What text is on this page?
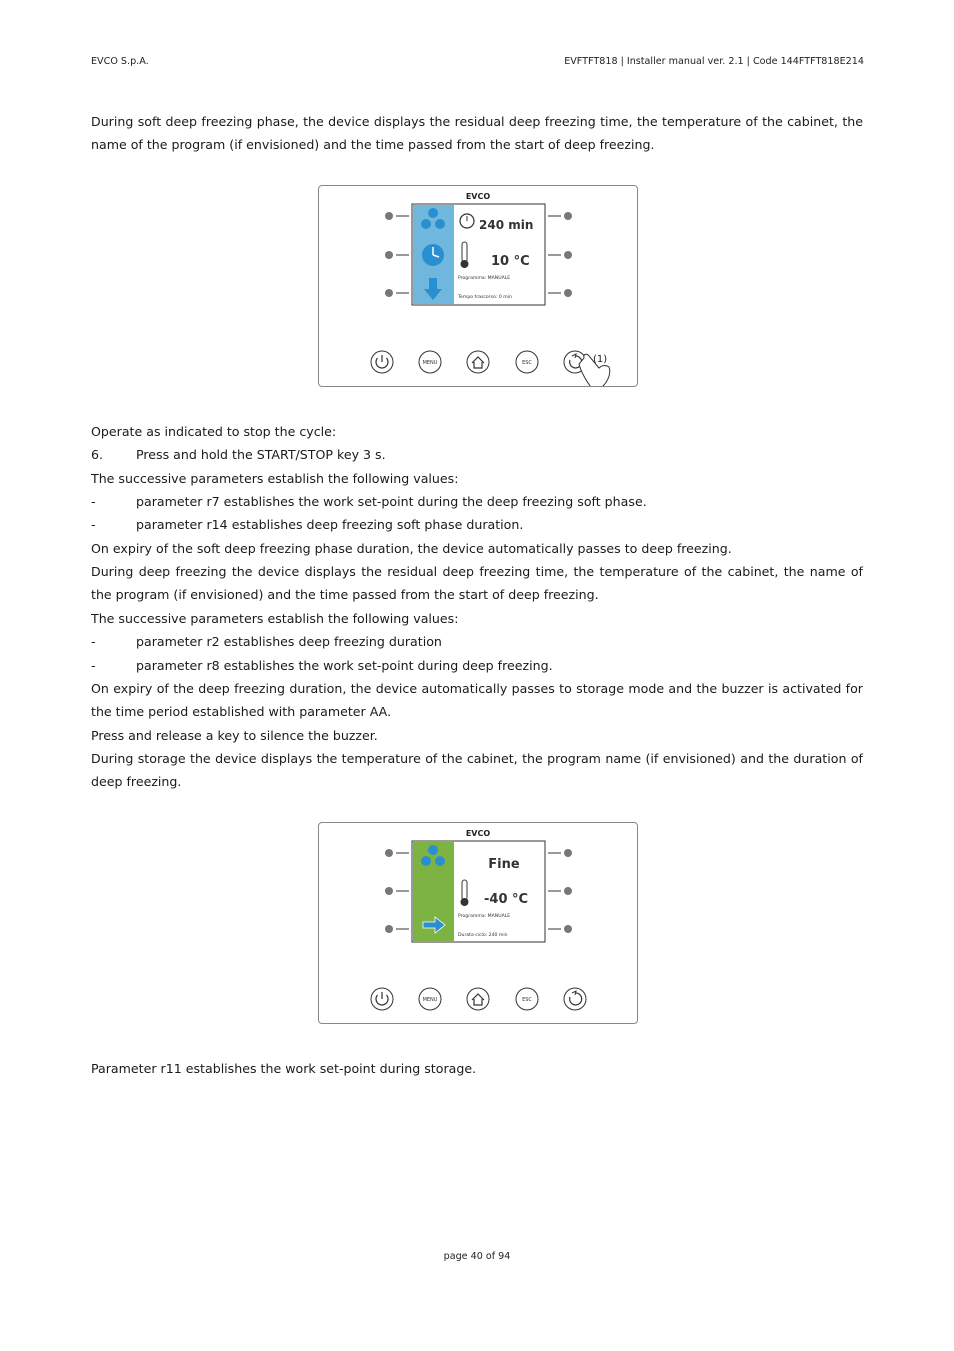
EVCO S.p.A.	EVFTFT818 | Installer manual ver. 2.1 | Code 144FTFT818E214

During soft deep freezing phase, the device displays the residual deep freezing time, the temperature of the cabinet, the name of the program (if envisioned) and the time passed from the start of deep freezing.

EVCO
240 min
10 °C
Programma: MANUALE
Tempo trascorso: 0 min
MENU	ESC	(1)

Operate as indicated to stop the cycle:

6.	Press and hold the START/STOP key 3 s.

The successive parameters establish the following values:

-	parameter r7 establishes the work set-point during the deep freezing soft phase.
-	parameter r14 establishes deep freezing soft phase duration.

On expiry of the soft deep freezing phase duration, the device automatically passes to deep freezing.

During deep freezing the device displays the residual deep freezing time, the temperature of the cabinet, the name of the program (if envisioned) and the time passed from the start of deep freezing.

The successive parameters establish the following values:

-	parameter r2 establishes deep freezing duration
-	parameter r8 establishes the work set-point during deep freezing.

On expiry of the deep freezing duration, the device automatically passes to storage mode and the buzzer is activated for the time period established with parameter AA.

Press and release a key to silence the buzzer.

During storage the device displays the temperature of the cabinet, the program name (if envisioned) and the duration of deep freezing.

EVCO
Fine
-40 °C
Programma: MANUALE
Durata ciclo: 240 min
MENU	ESC

Parameter r11 establishes the work set-point during storage.

page 40 of 94
